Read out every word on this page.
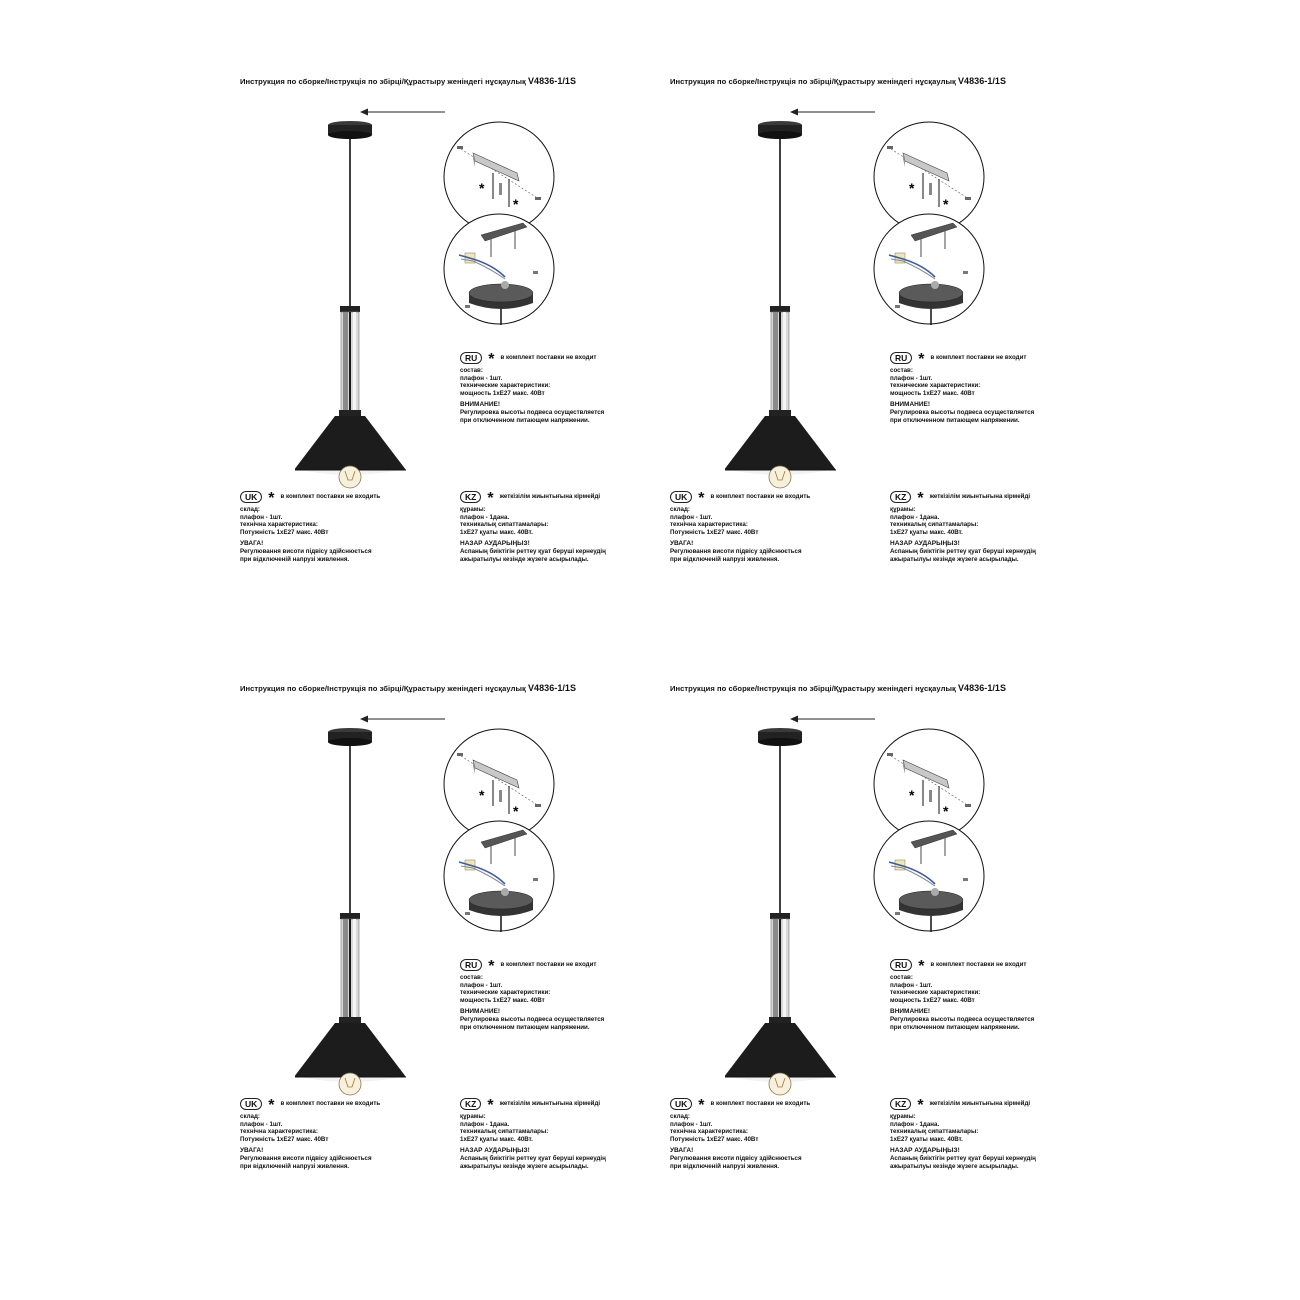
Инструкция по сборке/Інструкція по збірці/Құрастыру женіндегі нұсқаулық V4836-1/1S
*
*
RU * в комплект поставки не входит
состав:
плафон - 1шт.
технические характеристики:
мощность 1хЕ27 макс. 40Вт
ВНИМАНИЕ!
Регулировка высоты подвеса осуществляется
при отключенном питающем напряжении.
UK * в комплект поставки не входить
склад:
плафон - 1шт.
технічна характеристика:
Потужність 1хЕ27 макс. 40Вт
УВАГА!
Регулювання висоти підвісу здійснюється
при відключеній напрузі живлення.
KZ * жеткізілім жиынтығына кірмейді
құрамы:
плафон - 1дана.
техникалық сипаттамалары:
1хЕ27 қуаты макс. 40Вт.
НАЗАР АУДАРЫҢЫЗ!
Аспаның биіктігін реттеу қуат беруші кернеудің
ажыратылуы кезінде жүзеге асырылады.
Инструкция по сборке/Інструкція по збірці/Құрастыру женіндегі нұсқаулық V4836-1/1S
*
*
RU * в комплект поставки не входит
состав:
плафон - 1шт.
технические характеристики:
мощность 1хЕ27 макс. 40Вт
ВНИМАНИЕ!
Регулировка высоты подвеса осуществляется
при отключенном питающем напряжении.
UK * в комплект поставки не входить
склад:
плафон - 1шт.
технічна характеристика:
Потужність 1хЕ27 макс. 40Вт
УВАГА!
Регулювання висоти підвісу здійснюється
при відключеній напрузі живлення.
KZ * жеткізілім жиынтығына кірмейді
құрамы:
плафон - 1дана.
техникалық сипаттамалары:
1хЕ27 қуаты макс. 40Вт.
НАЗАР АУДАРЫҢЫЗ!
Аспаның биіктігін реттеу қуат беруші кернеудің
ажыратылуы кезінде жүзеге асырылады.
Инструкция по сборке/Інструкція по збірці/Құрастыру женіндегі нұсқаулық V4836-1/1S
*
*
RU * в комплект поставки не входит
состав:
плафон - 1шт.
технические характеристики:
мощность 1хЕ27 макс. 40Вт
ВНИМАНИЕ!
Регулировка высоты подвеса осуществляется
при отключенном питающем напряжении.
UK * в комплект поставки не входить
склад:
плафон - 1шт.
технічна характеристика:
Потужність 1хЕ27 макс. 40Вт
УВАГА!
Регулювання висоти підвісу здійснюється
при відключеній напрузі живлення.
KZ * жеткізілім жиынтығына кірмейді
құрамы:
плафон - 1дана.
техникалық сипаттамалары:
1хЕ27 қуаты макс. 40Вт.
НАЗАР АУДАРЫҢЫЗ!
Аспаның биіктігін реттеу қуат беруші кернеудің
ажыратылуы кезінде жүзеге асырылады.
Инструкция по сборке/Інструкція по збірці/Құрастыру женіндегі нұсқаулық V4836-1/1S
*
*
RU * в комплект поставки не входит
состав:
плафон - 1шт.
технические характеристики:
мощность 1хЕ27 макс. 40Вт
ВНИМАНИЕ!
Регулировка высоты подвеса осуществляется
при отключенном питающем напряжении.
UK * в комплект поставки не входить
склад:
плафон - 1шт.
технічна характеристика:
Потужність 1хЕ27 макс. 40Вт
УВАГА!
Регулювання висоти підвісу здійснюється
при відключеній напрузі живлення.
KZ * жеткізілім жиынтығына кірмейді
құрамы:
плафон - 1дана.
техникалық сипаттамалары:
1хЕ27 қуаты макс. 40Вт.
НАЗАР АУДАРЫҢЫЗ!
Аспаның биіктігін реттеу қуат беруші кернеудің
ажыратылуы кезінде жүзеге асырылады.
